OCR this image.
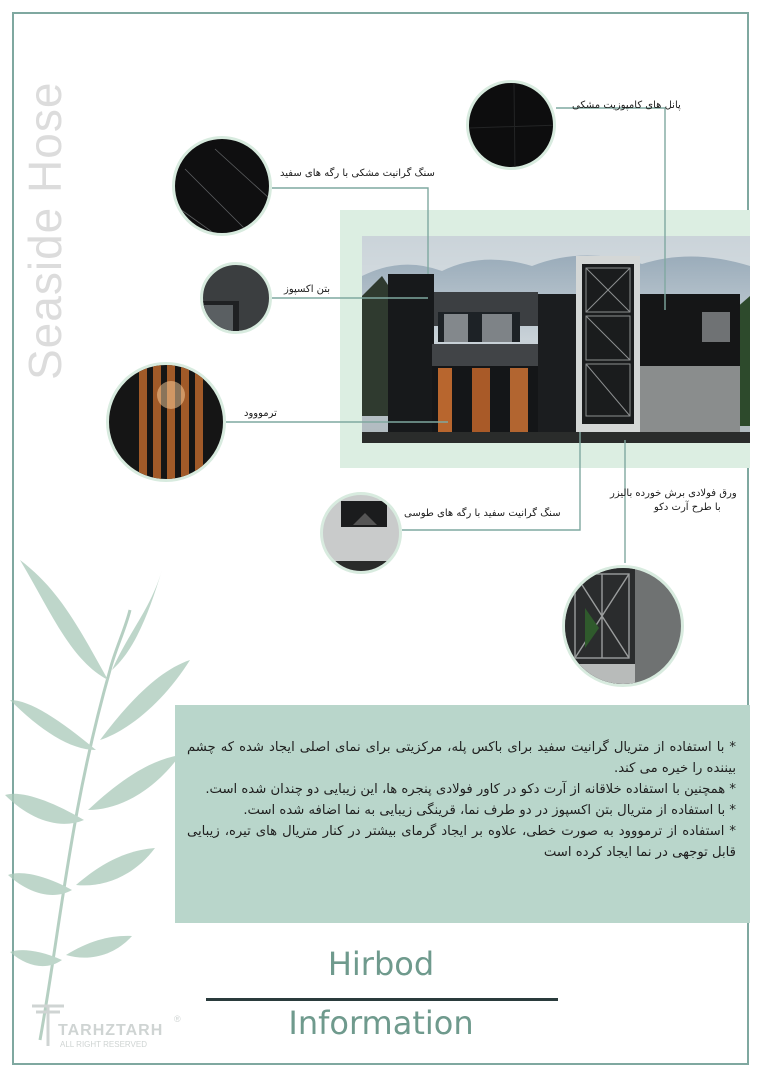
Seaside Hose	پانل های کامپوزیت مشکی
سنگ گرانیت مشکی با رگه های سفید
بتن اکسپوز
ترمووود
سنگ گرانیت سفید با رگه های طوسی
ورق فولادی برش خورده بالیزر
با طرح آرت دکو

* با استفاده از متریال گرانیت سفید برای باکس پله، مرکزیتی برای نمای اصلی ایجاد شده که چشم بیننده را خیره می کند.

* همچنین با استفاده خلاقانه از آرت دکو در کاور فولادی پنجره ها، این زیبایی دو چندان شده است.

* با استفاده از متریال بتن اکسپوز در دو طرف نما، قرینگی زیبایی به نما اضافه شده است.

* استفاده از ترمووود به صورت خطی، علاوه بر ایجاد گرمای بیشتر در کنار متریال های تیره، زیبایی قابل توجهی در نما ایجاد کرده است

Hirbod
Information
TARHZTARH
ALL RIGHT RESERVED
®
